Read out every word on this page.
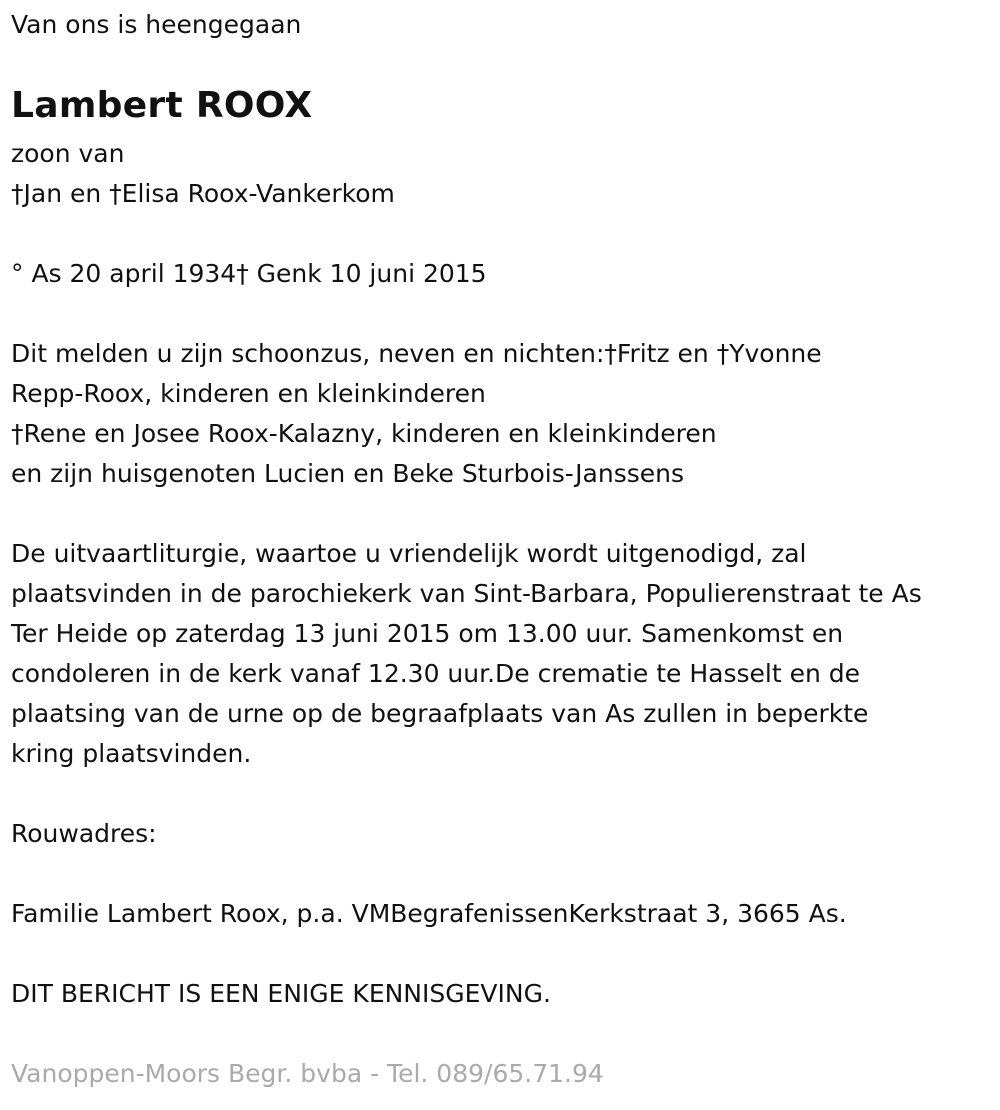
Van ons is heengegaan
Lambert ROOX
zoon van
†Jan en †Elisa Roox-Vankerkom
° As 20 april 1934† Genk 10 juni 2015
Dit melden u zijn schoonzus, neven en nichten:†Fritz en †Yvonne
Repp-Roox, kinderen en kleinkinderen
†Rene en Josee Roox-Kalazny, kinderen en kleinkinderen
en zijn huisgenoten Lucien en Beke Sturbois-Janssens
De uitvaartliturgie, waartoe u vriendelijk wordt uitgenodigd, zal
plaatsvinden in de parochiekerk van Sint-Barbara, Populierenstraat te As
Ter Heide op zaterdag 13 juni 2015 om 13.00 uur. Samenkomst en
condoleren in de kerk vanaf 12.30 uur.De crematie te Hasselt en de
plaatsing van de urne op de begraafplaats van As zullen in beperkte
kring plaatsvinden.
Rouwadres:
Familie Lambert Roox, p.a. VMBegrafenissenKerkstraat 3, 3665 As.
DIT BERICHT IS EEN ENIGE KENNISGEVING.
Vanoppen-Moors Begr. bvba - Tel. 089/65.71.94
